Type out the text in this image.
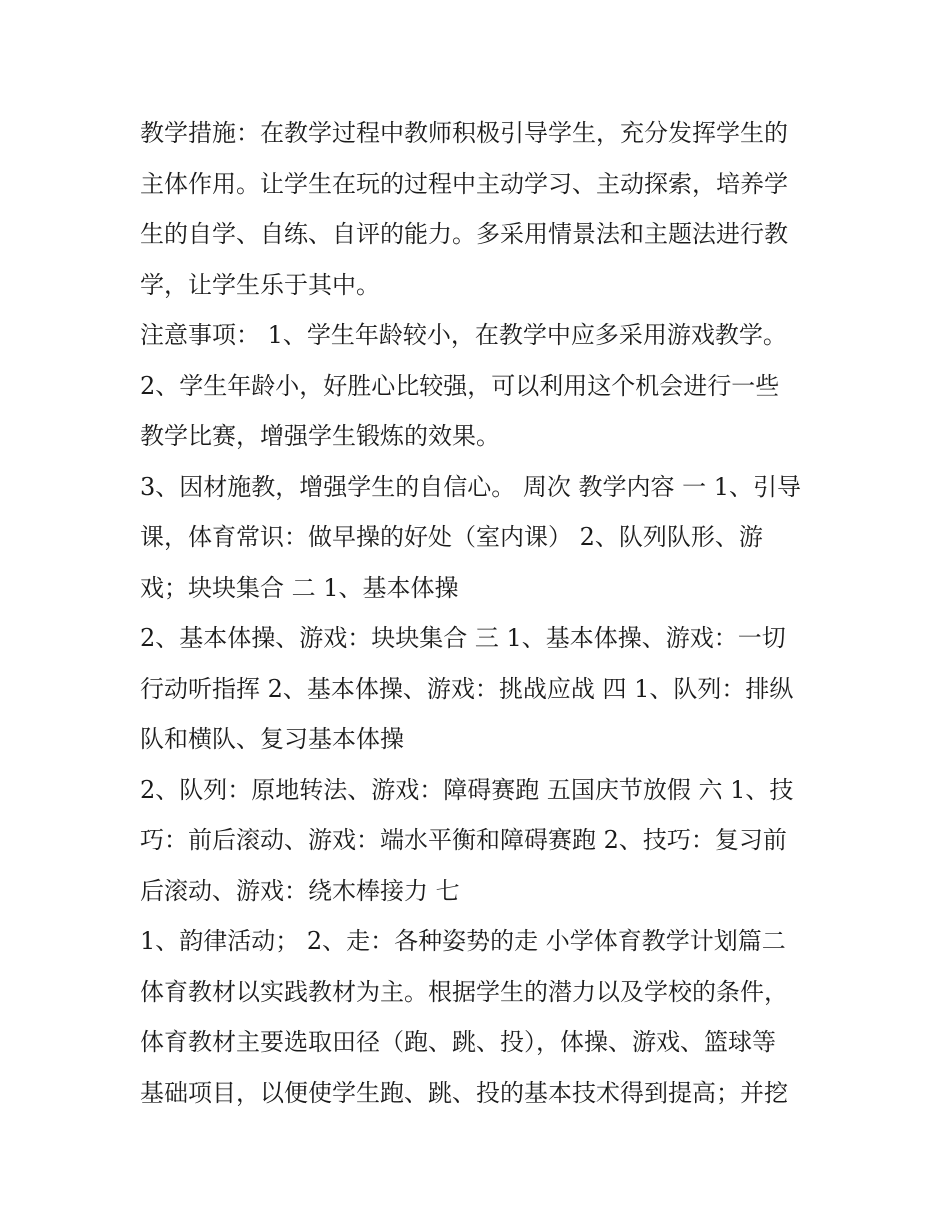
教学措施：在教学过程中教师积极引导学生，充分发挥学生的
主体作用。让学生在玩的过程中主动学习、主动探索，培养学
生的自学、自练、自评的能力。多采用情景法和主题法进行教
学，让学生乐于其中。
注意事项： 1、学生年龄较小，在教学中应多采用游戏教学。
2、学生年龄小，好胜心比较强，可以利用这个机会进行一些
教学比赛，增强学生锻炼的效果。
3、因材施教，增强学生的自信心。 周次 教学内容 一 1、引导
课，体育常识：做早操的好处（室内课） 2、队列队形、游
戏；块块集合 二 1、基本体操
2、基本体操、游戏：块块集合 三 1、基本体操、游戏：一切
行动听指挥 2、基本体操、游戏：挑战应战 四 1、队列：排纵
队和横队、复习基本体操
2、队列：原地转法、游戏：障碍赛跑 五国庆节放假 六 1、技
巧：前后滚动、游戏：端水平衡和障碍赛跑 2、技巧：复习前
后滚动、游戏：绕木棒接力 七
1、韵律活动； 2、走：各种姿势的走 小学体育教学计划篇二
体育教材以实践教材为主。根据学生的潜力以及学校的条件，
体育教材主要选取田径（跑、跳、投），体操、游戏、篮球等
基础项目，以便使学生跑、跳、投的基本技术得到提高；并挖
